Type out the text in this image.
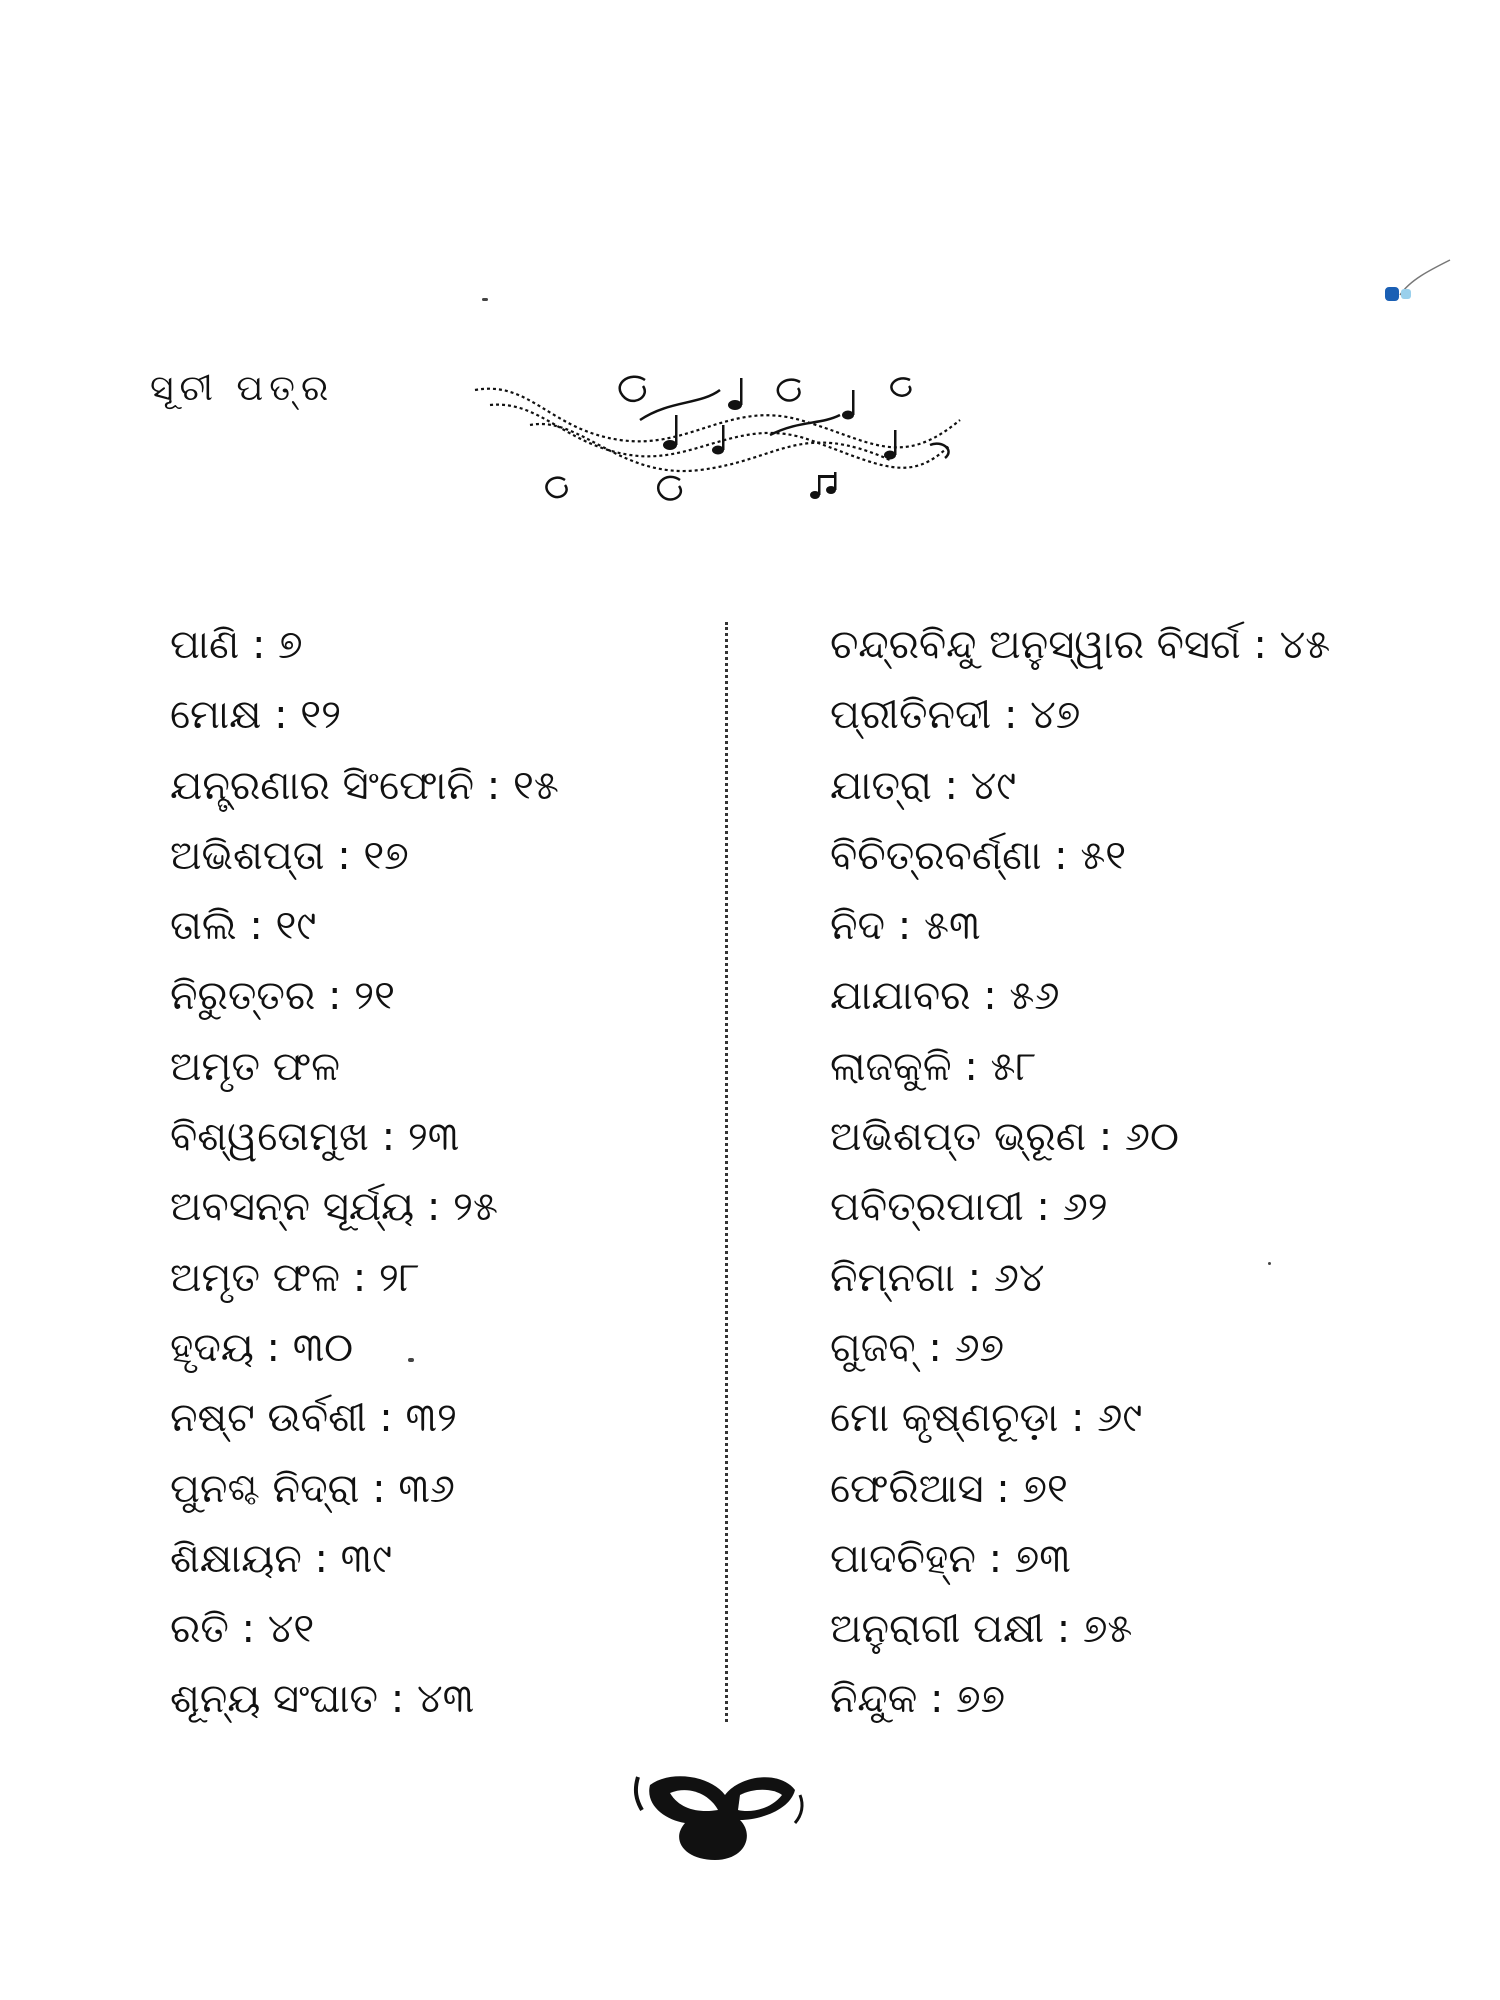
ସୂଚୀ ପତ୍ର
ପାଣି : ୭
ମୋକ୍ଷ : ୧୨
ଯନ୍ତ୍ରଣାର ସିଂଫୋନି : ୧୫
ଅଭିଶପ୍ତା : ୧୭
ତାଲି : ୧୯
ନିରୁତ୍ତର : ୨୧
ଅମୃତ ଫଳ
ବିଶ୍ୱତୋମୁଖ : ୨୩
ଅବସନ୍ନ ସୂର୍ଯ୍ୟ : ୨୫
ଅମୃତ ଫଳ : ୨୮
ହୃଦୟ : ୩୦
ନଷ୍ଟ ଉର୍ବଶୀ : ୩୨
ପୁନଶ୍ଚ ନିଦ୍ରା : ୩୬
ଶିକ୍ଷାୟନ : ୩୯
ରତି : ୪୧
ଶୂନ୍ୟ ସଂଘାତ : ୪୩
ଚନ୍ଦ୍ରବିନ୍ଦୁ ଅନୁସ୍ୱାର ବିସର୍ଗ : ୪୫
ପ୍ରୀତିନଦୀ : ୪୭
ଯାତ୍ରା : ୪୯
ବିଚିତ୍ରବର୍ଣ୍ଣା : ୫୧
ନିଦ : ୫୩
ଯାଯାବର : ୫୬
ଲାଜକୁଳି : ୫୮
ଅଭିଶପ୍ତ ଭ୍ରୂଣ : ୬୦
ପବିତ୍ରପାପୀ : ୬୨
ନିମ୍ନଗା : ୬୪
ଗୁଜବ୍ : ୬୭
ମୋ କୃଷ୍ଣଚୂଡ଼ା : ୬୯
ଫେରିଆସ : ୭୧
ପାଦଚିହ୍ନ : ୭୩
ଅନୁରାଗୀ ପକ୍ଷୀ : ୭୫
ନିନ୍ଦୁକ : ୭୭
